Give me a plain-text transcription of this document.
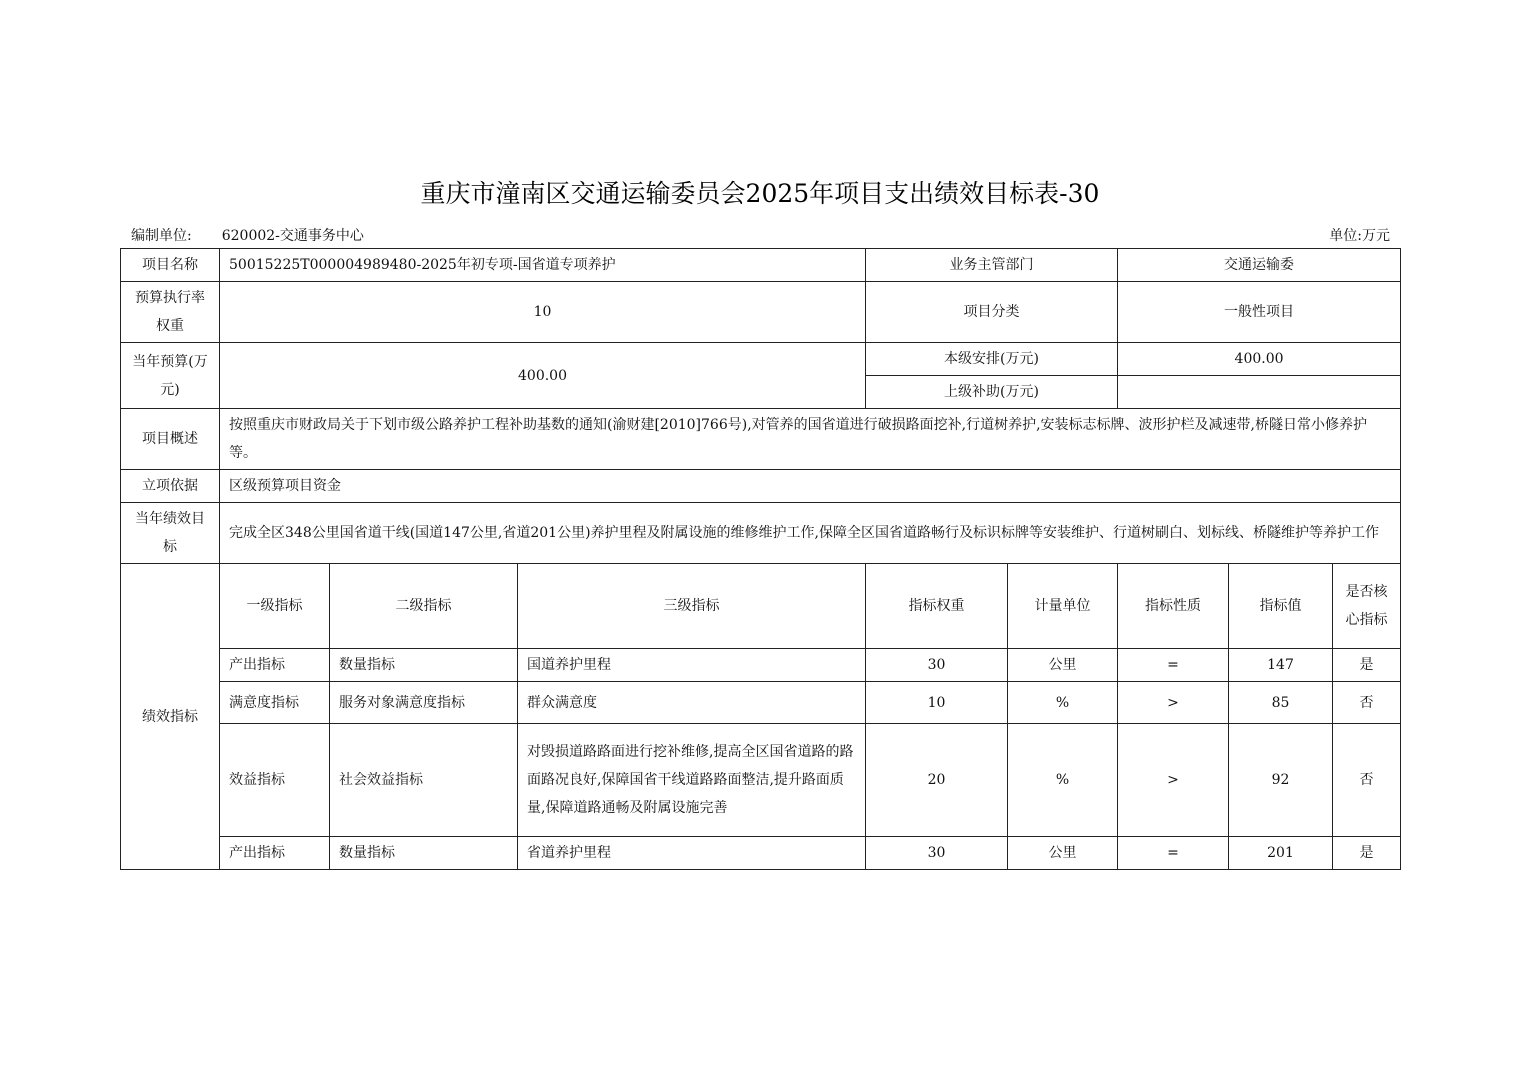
重庆市潼南区交通运输委员会2025年项目支出绩效目标表-30
编制单位: 620002-交通事务中心	单位:万元
项目名称	50015225T000004989480-2025年初专项-国省道专项养护			业务主管部门		交通运输委		
预算执行率权重	10			项目分类		一般性项目		
当年预算(万元)	400.00			本级安排(万元)		400.00		
				上级补助(万元)				
项目概述	按照重庆市财政局关于下划市级公路养护工程补助基数的通知(渝财建[2010]766号),对管养的国省道进行破损路面挖补,行道树养护,安装标志标牌、波形护栏及减速带,桥隧日常小修养护等。							
立项依据	区级预算项目资金							
当年绩效目标	完成全区348公里国省道干线(国道147公里,省道201公里)养护里程及附属设施的维修维护工作,保障全区国省道路畅行及标识标牌等安装维护、行道树刷白、划标线、桥隧维护等养护工作							
绩效指标	一级指标	二级指标	三级指标	指标权重	计量单位	指标性质	指标值	是否核心指标
	产出指标	数量指标	国道养护里程	30	公里	=	147	是
	满意度指标	服务对象满意度指标	群众满意度	10	%	>	85	否
	效益指标	社会效益指标	对毁损道路路面进行挖补维修,提高全区国省道路的路面路况良好,保障国省干线道路路面整洁,提升路面质量,保障道路通畅及附属设施完善	20	%	>	92	否
	产出指标	数量指标	省道养护里程	30	公里	=	201	是
